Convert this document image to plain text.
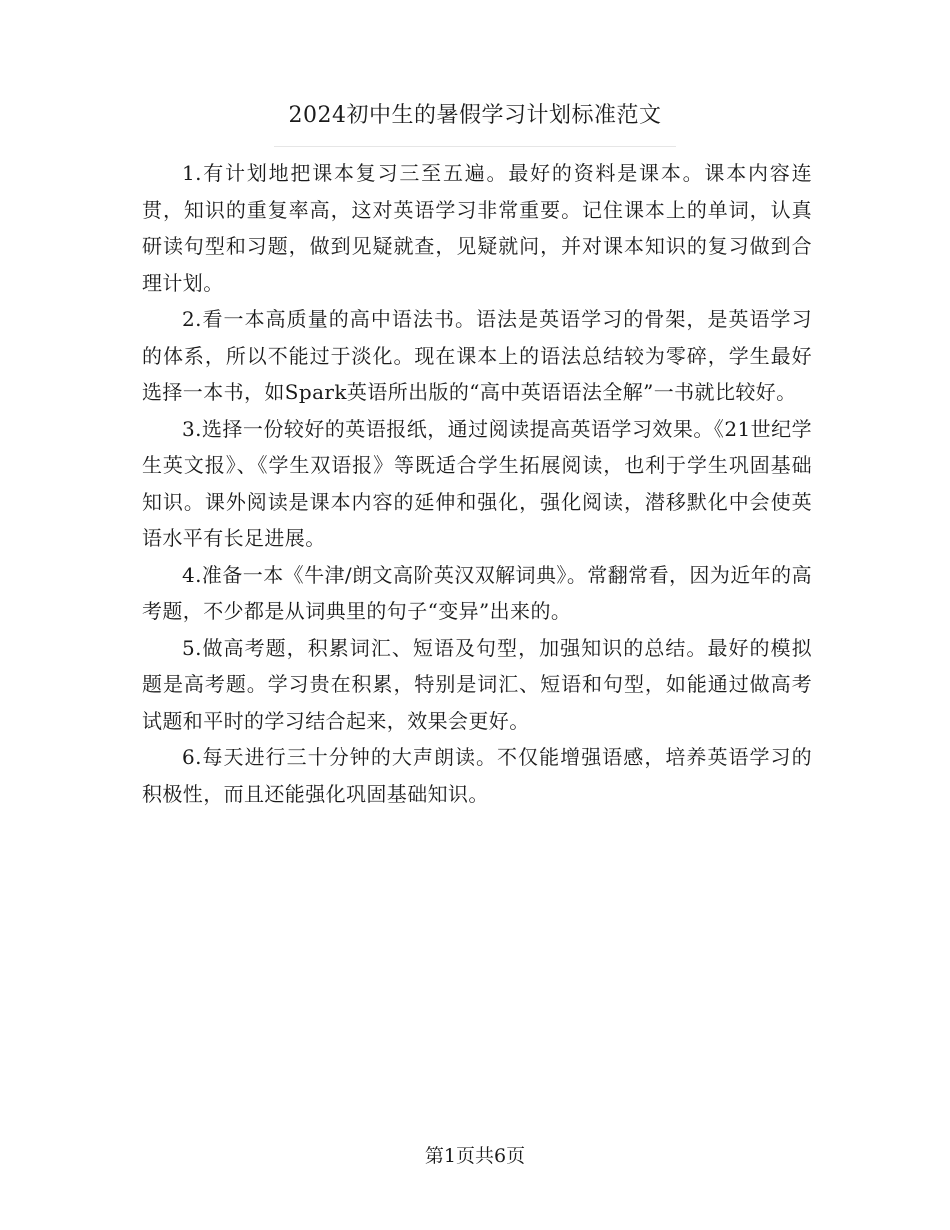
2024初中生的暑假学习计划标准范文

1.有计划地把课本复习三至五遍。最好的资料是课本。课本内容连贯，知识的重复率高，这对英语学习非常重要。记住课本上的单词，认真研读句型和习题，做到见疑就查，见疑就问，并对课本知识的复习做到合理计划。

2.看一本高质量的高中语法书。语法是英语学习的骨架，是英语学习的体系，所以不能过于淡化。现在课本上的语法总结较为零碎，学生最好选择一本书，如Spark英语所出版的“高中英语语法全解”一书就比较好。

3.选择一份较好的英语报纸，通过阅读提高英语学习效果。《21世纪学生英文报》、《学生双语报》等既适合学生拓展阅读，也利于学生巩固基础知识。课外阅读是课本内容的延伸和强化，强化阅读，潜移默化中会使英语水平有长足进展。

4.准备一本《牛津/朗文高阶英汉双解词典》。常翻常看，因为近年的高考题，不少都是从词典里的句子“变异”出来的。

5.做高考题，积累词汇、短语及句型，加强知识的总结。最好的模拟题是高考题。学习贵在积累，特别是词汇、短语和句型，如能通过做高考试题和平时的学习结合起来，效果会更好。

6.每天进行三十分钟的大声朗读。不仅能增强语感，培养英语学习的积极性，而且还能强化巩固基础知识。

第1页共6页
